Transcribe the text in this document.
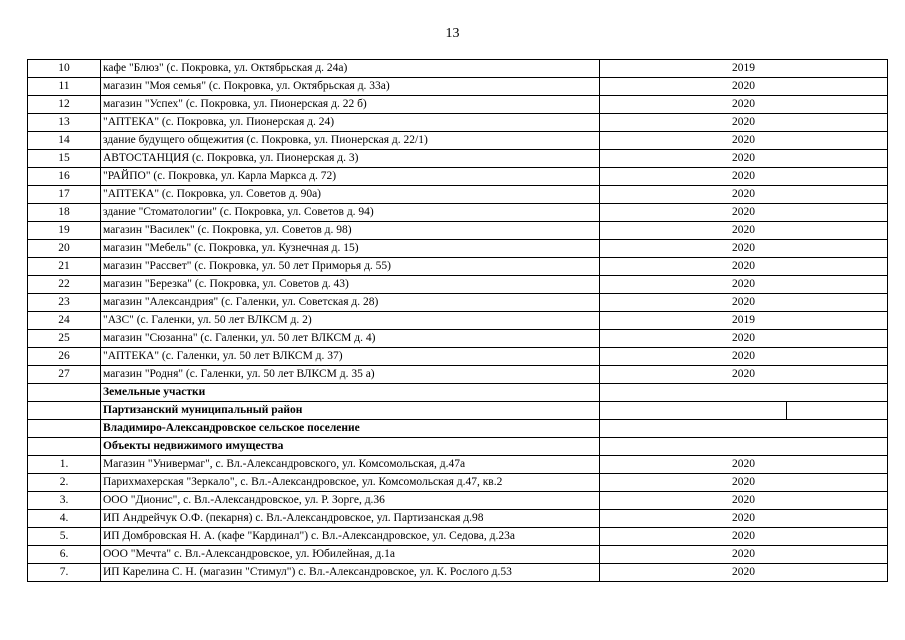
13
10	кафе "Блюз" (с. Покровка, ул. Октябрьская д. 24а)	2019
11	магазин "Моя семья" (с. Покровка, ул. Октябрьская д. 33а)	2020
12	магазин "Успех" (с. Покровка, ул. Пионерская д. 22 б)	2020
13	"АПТЕКА" (с. Покровка, ул. Пионерская д. 24)	2020
14	здание будущего общежития (с. Покровка, ул. Пионерская д. 22/1)	2020
15	АВТОСТАНЦИЯ (с. Покровка, ул. Пионерская д. 3)	2020
16	"РАЙПО" (с. Покровка, ул. Карла Маркса д. 72)	2020
17	"АПТЕКА" (с. Покровка, ул. Советов д. 90а)	2020
18	здание "Стоматологии" (с. Покровка, ул. Советов д. 94)	2020
19	магазин "Василек" (с. Покровка, ул. Советов д. 98)	2020
20	магазин "Мебель" (с. Покровка, ул. Кузнечная д. 15)	2020
21	магазин "Рассвет" (с. Покровка, ул. 50 лет Приморья д. 55)	2020
22	магазин "Березка" (с. Покровка, ул. Советов д. 43)	2020
23	магазин "Александрия" (с. Галенки, ул. Советская д. 28)	2020
24	"АЗС" (с. Галенки, ул. 50 лет ВЛКСМ д. 2)	2019
25	магазин "Сюзанна" (с. Галенки, ул. 50 лет ВЛКСМ д. 4)	2020
26	"АПТЕКА" (с. Галенки, ул. 50 лет ВЛКСМ д. 37)	2020
27	магазин "Родня" (с. Галенки, ул. 50 лет ВЛКСМ д. 35 а)	2020
	Земельные участки	
	Партизанский муниципальный район	

	Владимиро-Александровское сельское поселение	
	Объекты недвижимого имущества	
1.	Магазин "Универмаг", с. Вл.-Александровского, ул. Комсомольская, д.47а	2020
2.	Парихмахерская "Зеркало", с. Вл.-Александровское, ул. Комсомольская д.47, кв.2	2020
3.	ООО "Дионис", с. Вл.-Александровское, ул. Р. Зорге, д.36	2020
4.	ИП Андрейчук О.Ф. (пекарня) с. Вл.-Александровское, ул. Партизанская д.98	2020
5.	ИП Домбровская Н. А. (кафе "Кардинал") с. Вл.-Александровское, ул. Седова, д.23а	2020
6.	ООО "Мечта" с. Вл.-Александровское, ул. Юбилейная, д.1а	2020
7.	ИП Карелина С. Н. (магазин "Стимул") с. Вл.-Александровское, ул. К. Рослого д.53	2020
